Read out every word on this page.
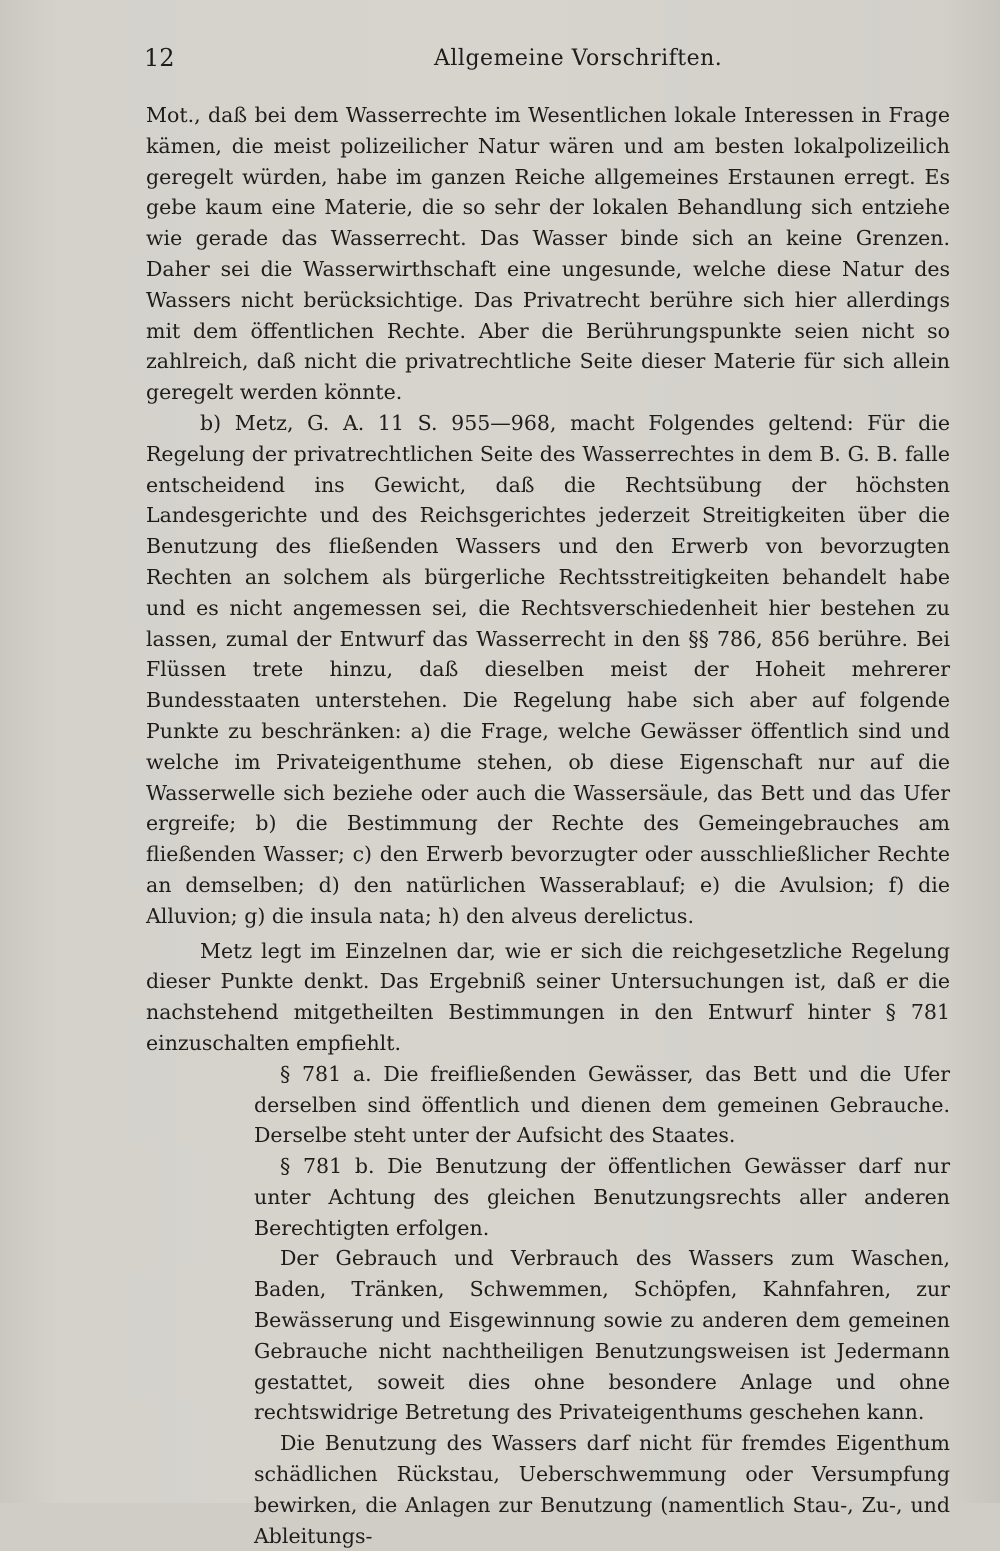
12	Allgemeine Vorschriften.

Mot., daß bei dem Wasserrechte im Wesentlichen lokale Interessen in Frage kämen, die meist polizeilicher Natur wären und am besten lokalpolizeilich geregelt würden, habe im ganzen Reiche allgemeines Erstaunen erregt. Es gebe kaum eine Materie, die so sehr der lokalen Behandlung sich entziehe wie gerade das Wasserrecht. Das Wasser binde sich an keine Grenzen. Daher sei die Wasserwirthschaft eine ungesunde, welche diese Natur des Wassers nicht berücksichtige. Das Privatrecht berühre sich hier allerdings mit dem öffentlichen Rechte. Aber die Berührungspunkte seien nicht so zahlreich, daß nicht die privatrechtliche Seite dieser Materie für sich allein geregelt werden könnte.

b) Metz, G. A. 11 S. 955—968, macht Folgendes geltend: Für die Regelung der privatrechtlichen Seite des Wasserrechtes in dem B. G. B. falle entscheidend ins Gewicht, daß die Rechtsübung der höchsten Landesgerichte und des Reichsgerichtes jederzeit Streitigkeiten über die Benutzung des fließenden Wassers und den Erwerb von bevorzugten Rechten an solchem als bürgerliche Rechtsstreitigkeiten behandelt habe und es nicht angemessen sei, die Rechtsverschiedenheit hier bestehen zu lassen, zumal der Entwurf das Wasserrecht in den §§ 786, 856 berühre. Bei Flüssen trete hinzu, daß dieselben meist der Hoheit mehrerer Bundesstaaten unterstehen. Die Regelung habe sich aber auf folgende Punkte zu beschränken: a) die Frage, welche Gewässer öffentlich sind und welche im Privateigenthume stehen, ob diese Eigenschaft nur auf die Wasserwelle sich beziehe oder auch die Wassersäule, das Bett und das Ufer ergreife; b) die Bestimmung der Rechte des Gemeingebrauches am fließenden Wasser; c) den Erwerb bevorzugter oder ausschließlicher Rechte an demselben; d) den natürlichen Wasserablauf; e) die Avulsion; f) die Alluvion; g) die insula nata; h) den alveus derelictus.

Metz legt im Einzelnen dar, wie er sich die reichgesetzliche Regelung dieser Punkte denkt. Das Ergebniß seiner Untersuchungen ist, daß er die nachstehend mitgetheilten Bestimmungen in den Entwurf hinter § 781 einzuschalten empfiehlt.

§ 781 a. Die freifließenden Gewässer, das Bett und die Ufer derselben sind öffentlich und dienen dem gemeinen Gebrauche. Derselbe steht unter der Aufsicht des Staates.

§ 781 b. Die Benutzung der öffentlichen Gewässer darf nur unter Achtung des gleichen Benutzungsrechts aller anderen Berechtigten erfolgen.

Der Gebrauch und Verbrauch des Wassers zum Waschen, Baden, Tränken, Schwemmen, Schöpfen, Kahnfahren, zur Bewässerung und Eisgewinnung sowie zu anderen dem gemeinen Gebrauche nicht nachtheiligen Benutzungsweisen ist Jedermann gestattet, soweit dies ohne besondere Anlage und ohne rechtswidrige Betretung des Privateigenthums geschehen kann.

Die Benutzung des Wassers darf nicht für fremdes Eigenthum schädlichen Rückstau, Ueberschwemmung oder Versumpfung bewirken, die Anlagen zur Benutzung (namentlich Stau-, Zu-, und Ableitungs-
